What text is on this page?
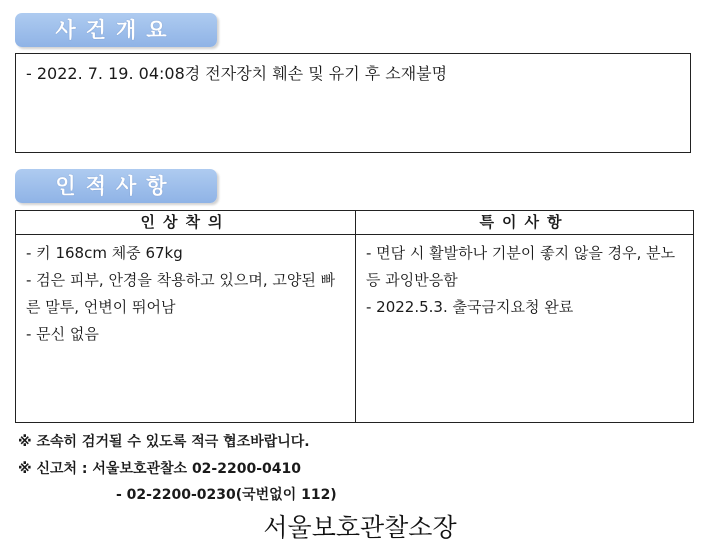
사건개요
- 2022. 7. 19. 04:08경 전자장치 훼손 및 유기 후 소재불명
인적사항
인상착의
- 키 168cm 체중 67kg
- 검은 피부, 안경을 착용하고 있으며, 고양된 빠른 말투, 언변이 뛰어남
- 문신 없음
특이사항
- 면담 시 활발하나 기분이 좋지 않을 경우, 분노 등 과잉반응함
- 2022.5.3. 출국금지요청 완료
※ 조속히 검거될 수 있도록 적극 협조바랍니다.
※ 신고처 : 서울보호관찰소 02-2200-0410
- 02-2200-0230(국번없이 112)
서울보호관찰소장
